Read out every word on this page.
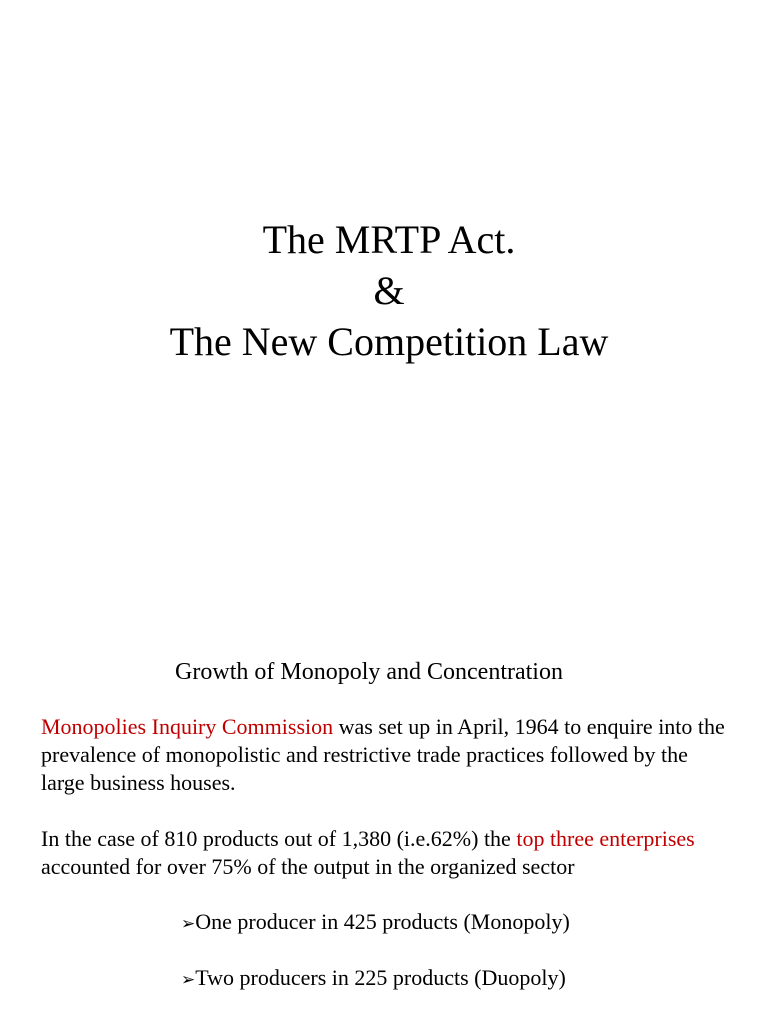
The MRTP Act.
&
The New Competition Law
Growth of Monopoly and Concentration
Monopolies Inquiry Commission was set up in April, 1964 to enquire into the prevalence of monopolistic and restrictive trade practices followed by the large business houses.
In the case of 810 products out of 1,380 (i.e.62%) the top three enterprises accounted for over 75% of the output in the organized sector
➢One producer in 425 products (Monopoly)
➢Two producers in 225 products (Duopoly)
